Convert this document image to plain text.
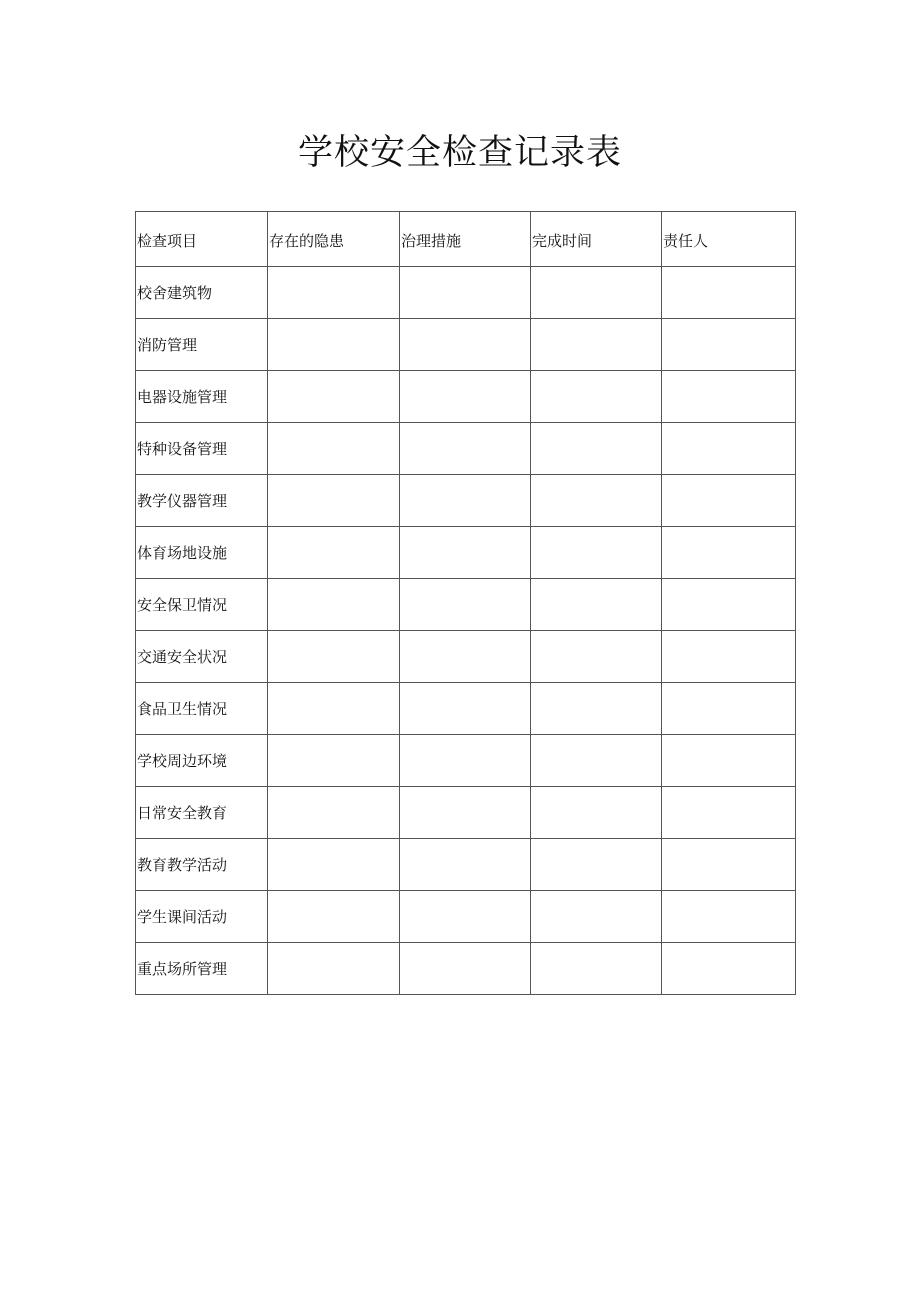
学校安全检查记录表
检查项目	存在的隐患	治理措施	完成时间	责任人
校舍建筑物				
消防管理				
电器设施管理				
特种设备管理				
教学仪器管理				
体育场地设施				
安全保卫情况				
交通安全状况				
食品卫生情况				
学校周边环境				
日常安全教育				
教育教学活动				
学生课间活动				
重点场所管理				
